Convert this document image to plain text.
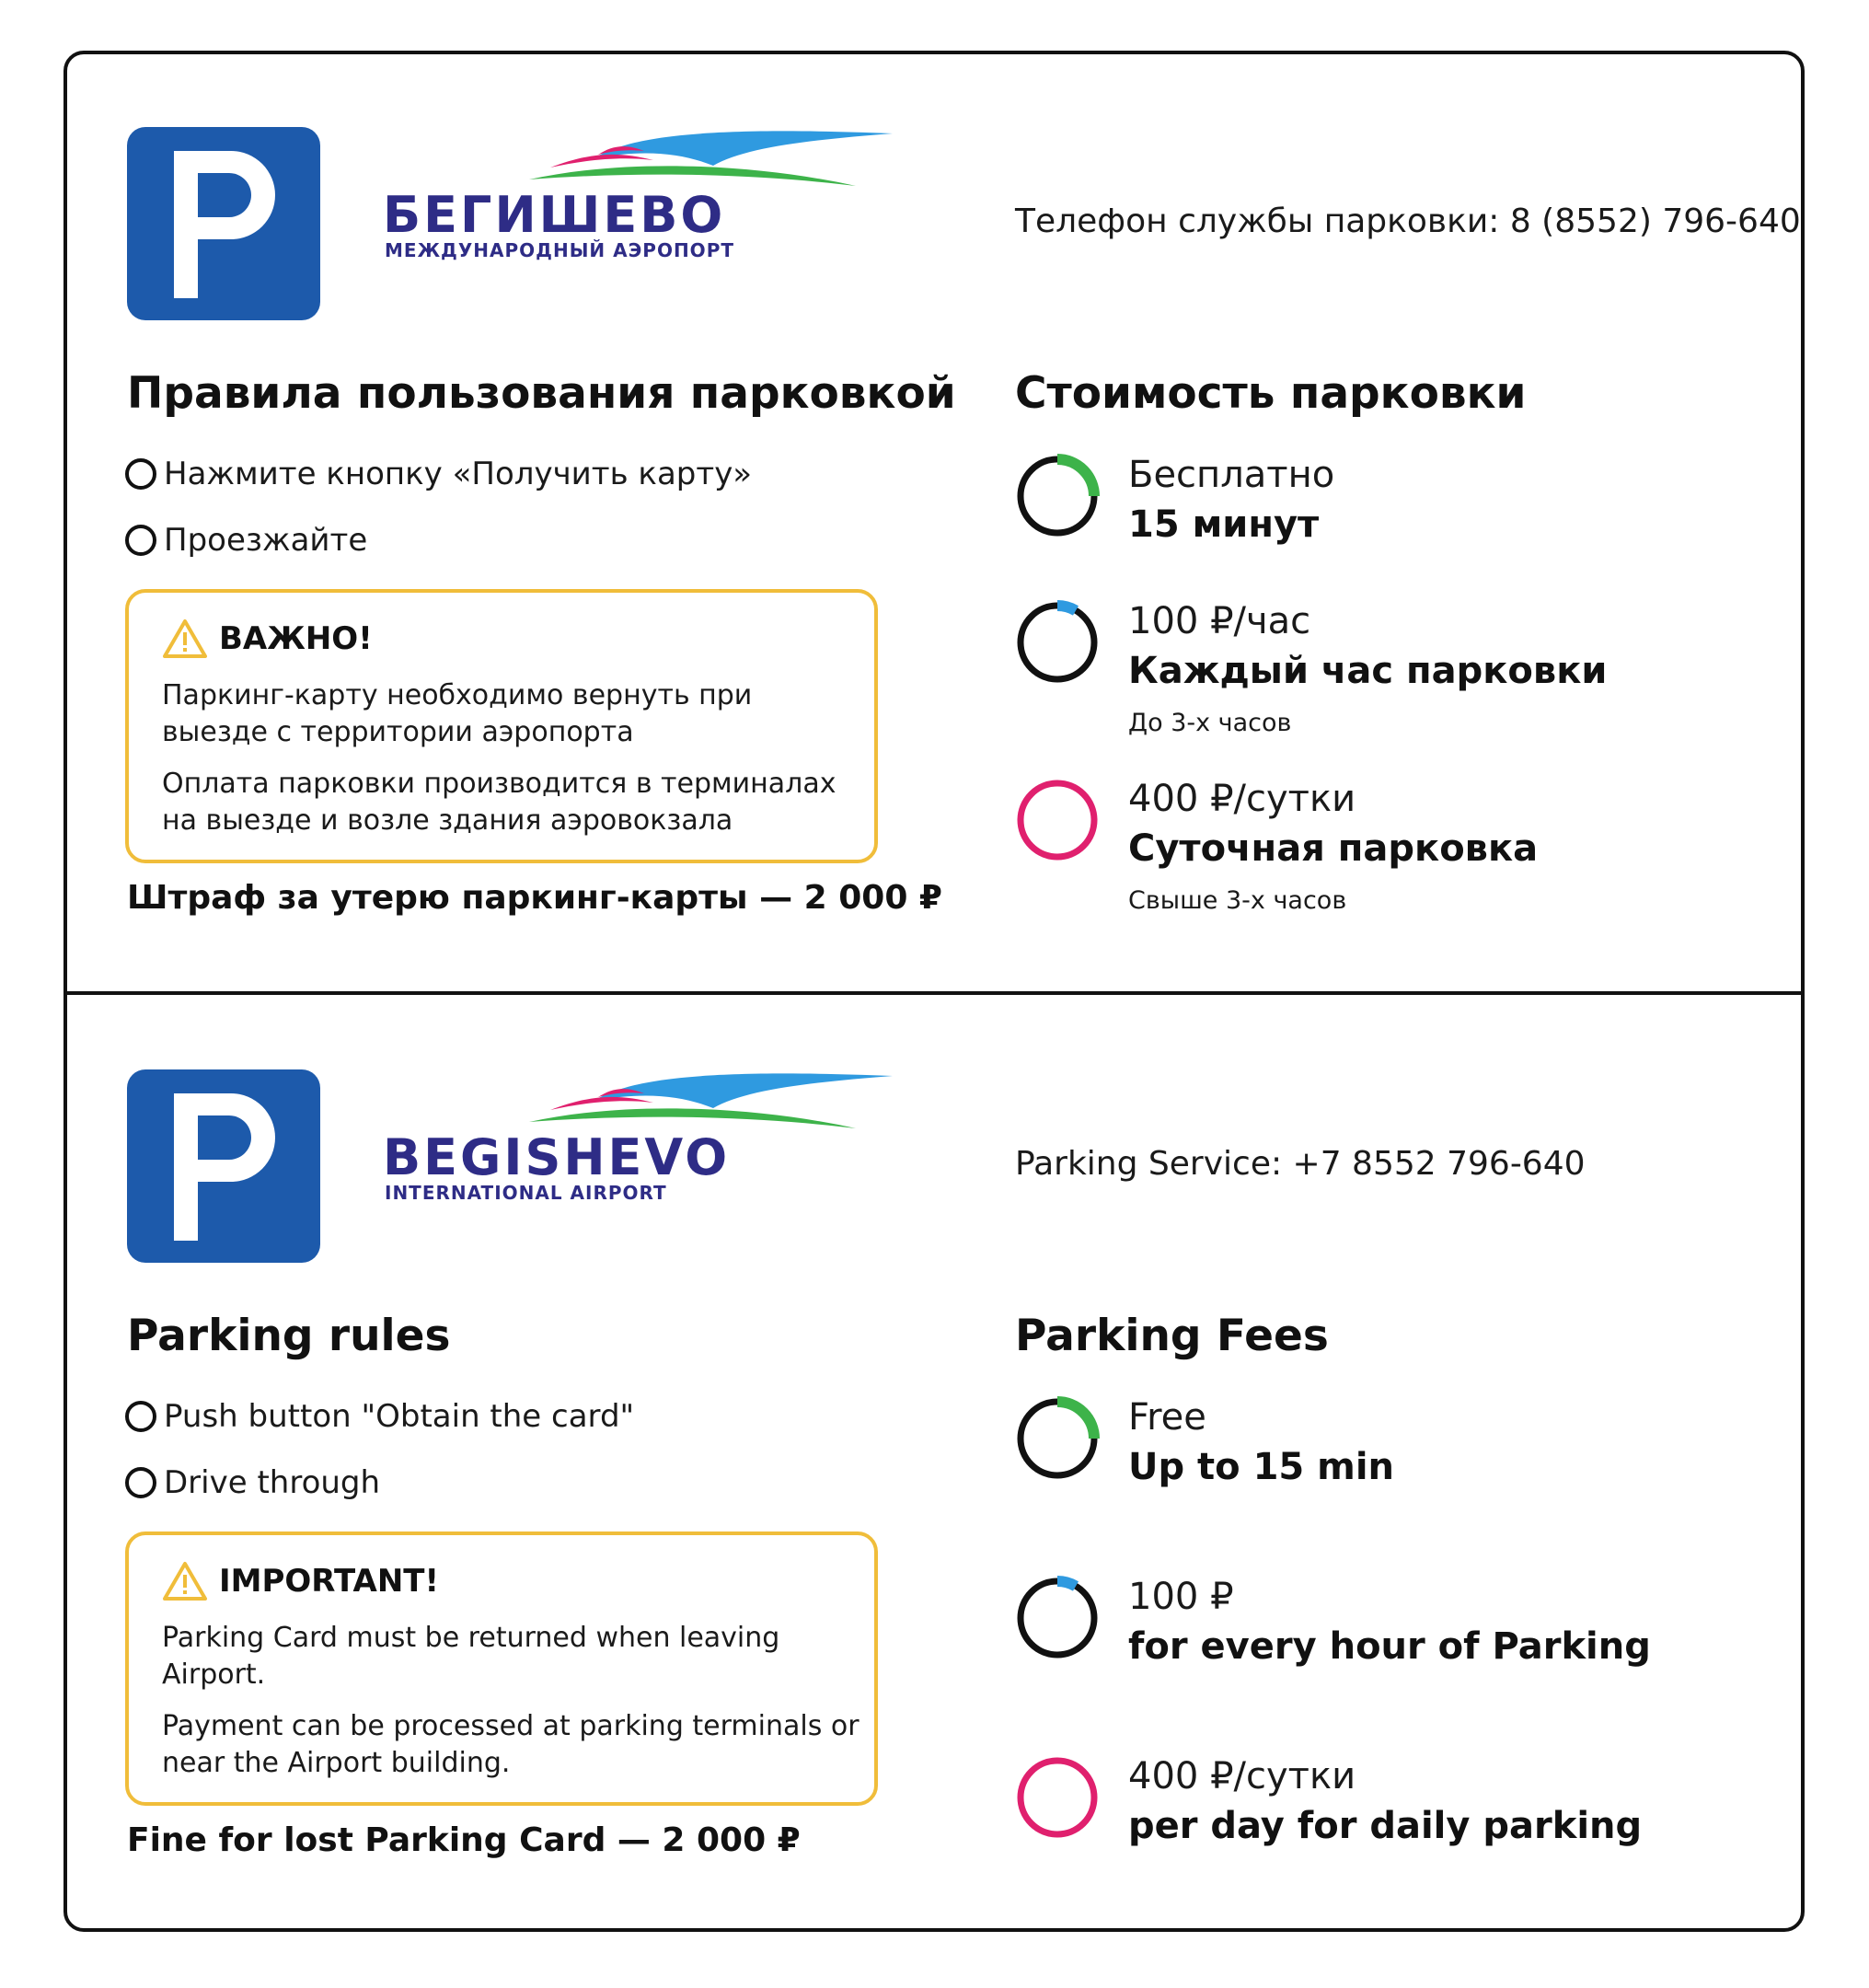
БЕГИШЕВО
МЕЖДУНАРОДНЫЙ АЭРОПОРТ
Телефон службы парковки: 8 (8552) 796-640
Правила пользования парковкой
Нажмите кнопку «Получить карту»
Проезжайте
ВАЖНО!
Паркинг-карту необходимо вернуть при выезде с территории аэропорта
Оплата парковки производится в терминалах на выезде и возле здания аэровокзала
Штраф за утерю паркинг-карты — 2 000 ₽
Стоимость парковки
Бесплатно
15 минут
100 ₽/час
Каждый час парковки
До 3-х часов
400 ₽/сутки
Суточная парковка
Свыше 3-х часов
BEGISHEVO
INTERNATIONAL AIRPORT
Parking Service: +7 8552 796-640
Parking rules
Push button "Obtain the card"
Drive through
IMPORTANT!
Parking Card must be returned when leaving Airport.
Payment can be processed at parking terminals or near the Airport building.
Fine for lost Parking Card — 2 000 ₽
Parking Fees
Free
Up to 15 min
100 ₽
for every hour of Parking
400 ₽/сутки
per day for daily parking
